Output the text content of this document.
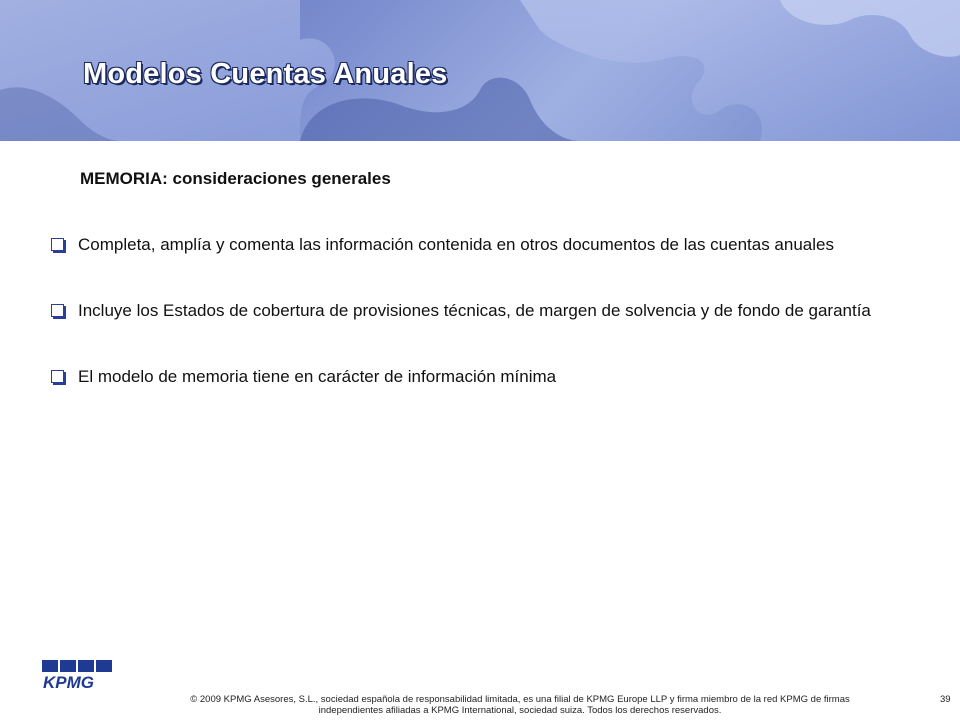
Modelos Cuentas Anuales
MEMORIA: consideraciones generales
Completa, amplía y comenta las información contenida en otros documentos de las cuentas anuales
Incluye los Estados de cobertura de provisiones técnicas, de margen de solvencia y de fondo de garantía
El modelo de memoria tiene en carácter de información mínima
KPMG
© 2009 KPMG Asesores, S.L., sociedad española de responsabilidad limitada, es una filial de KPMG Europe LLP y firma miembro de la red KPMG de firmas
independientes afiliadas a KPMG International, sociedad suiza. Todos los derechos reservados.
39
